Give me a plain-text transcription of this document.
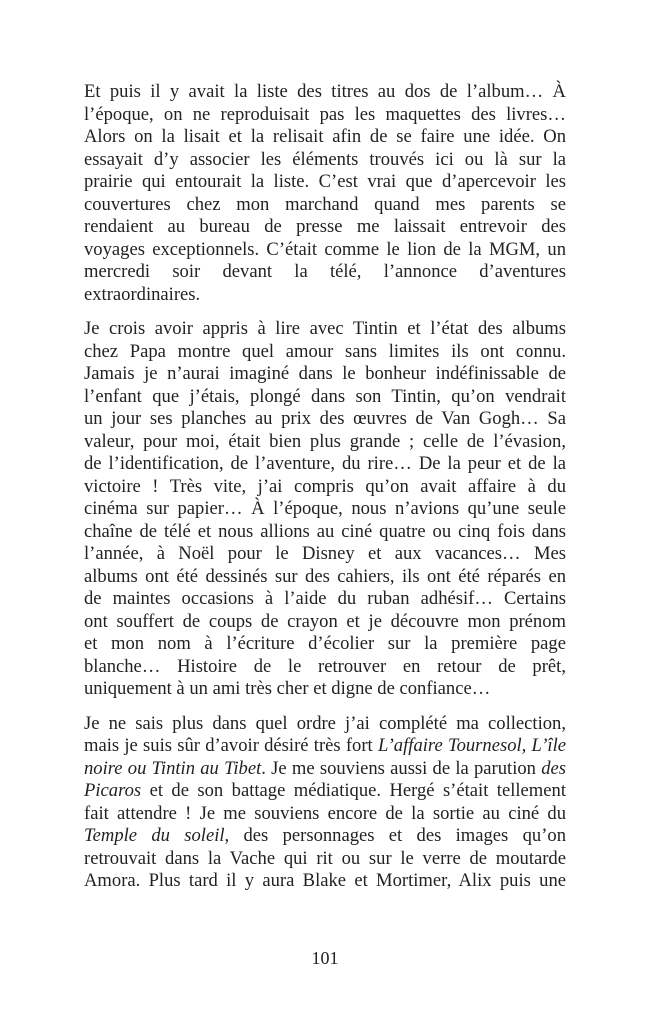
Et puis il y avait la liste des titres au dos de l’album… À
l’époque, on ne reproduisait pas les maquettes des livres…
Alors on la lisait et la relisait afin de se faire une idée. On
essayait d’y associer les éléments trouvés ici ou là sur la
prairie qui entourait la liste. C’est vrai que d’apercevoir les
couvertures chez mon marchand quand mes parents se
rendaient au bureau de presse me laissait entrevoir des
voyages exceptionnels. C’était comme le lion de la MGM, un
mercredi soir devant la télé, l’annonce d’aventures
extraordinaires.
Je crois avoir appris à lire avec Tintin et l’état des albums
chez Papa montre quel amour sans limites ils ont connu.
Jamais je n’aurai imaginé dans le bonheur indéfinissable de
l’enfant que j’étais, plongé dans son Tintin, qu’on vendrait
un jour ses planches au prix des œuvres de Van Gogh… Sa
valeur, pour moi, était bien plus grande ; celle de l’évasion,
de l’identification, de l’aventure, du rire… De la peur et de la
victoire ! Très vite, j’ai compris qu’on avait affaire à du
cinéma sur papier… À l’époque, nous n’avions qu’une seule
chaîne de télé et nous allions au ciné quatre ou cinq fois dans
l’année, à Noël pour le Disney et aux vacances… Mes
albums ont été dessinés sur des cahiers, ils ont été réparés en
de maintes occasions à l’aide du ruban adhésif… Certains
ont souffert de coups de crayon et je découvre mon prénom
et mon nom à l’écriture d’écolier sur la première page
blanche… Histoire de le retrouver en retour de prêt,
uniquement à un ami très cher et digne de confiance…
Je ne sais plus dans quel ordre j’ai complété ma collection,
mais je suis sûr d’avoir désiré très fort L’affaire Tournesol, L’île
noire ou Tintin au Tibet. Je me souviens aussi de la parution des
Picaros et de son battage médiatique. Hergé s’était tellement
fait attendre ! Je me souviens encore de la sortie au ciné du
Temple du soleil, des personnages et des images qu’on
retrouvait dans la Vache qui rit ou sur le verre de moutarde
Amora. Plus tard il y aura Blake et Mortimer, Alix puis une
101
